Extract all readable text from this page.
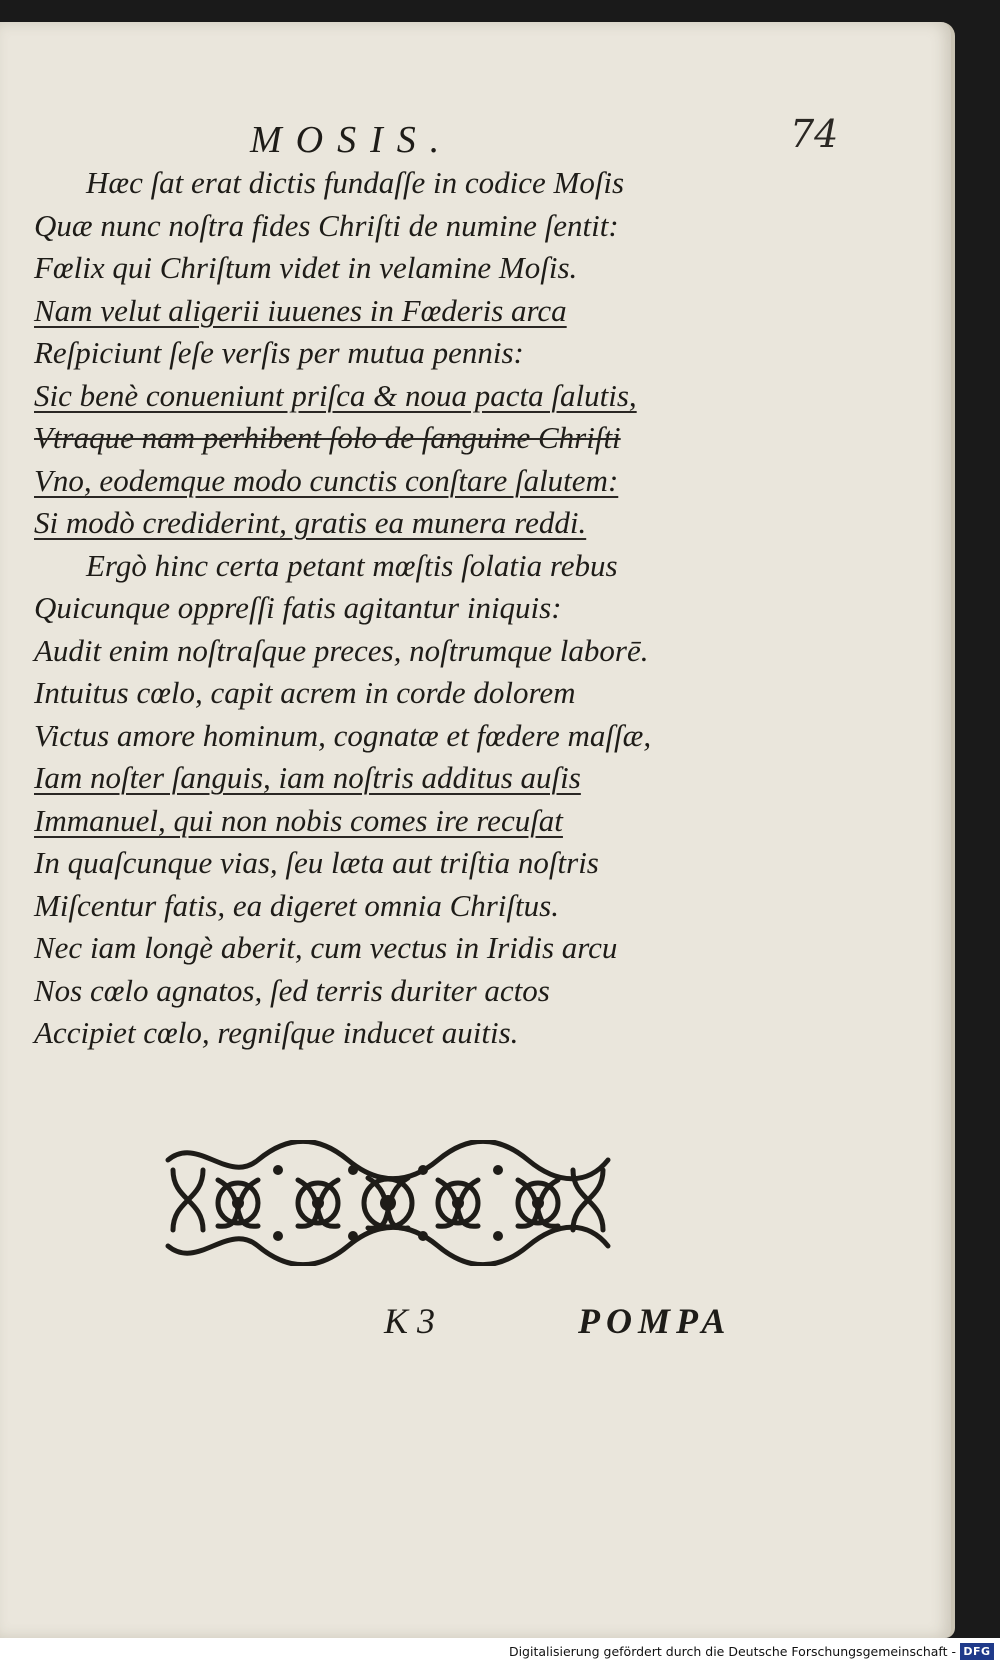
MOSIS.	74
Hæc ſat erat dictis fundaſſe in codice Moſis
Quæ nunc noſtra fides Chriſti de numine ſentit:
Fœlix qui Chriſtum videt in velamine Moſis.
Nam velut aligerii iuuenes in Fœderis arca
Reſpiciunt ſeſe verſis per mutua pennis:
Sic benè conueniunt priſca & noua pacta ſalutis,
Vtraque nam perhibent ſolo de ſanguine Chriſti
Vno, eodemque modo cunctis conſtare ſalutem:
Si modò crediderint, gratis ea munera reddi.
Ergò hinc certa petant mœſtis ſolatia rebus
Quicunque oppreſſi fatis agitantur iniquis:
Audit enim noſtraſque preces, noſtrumque laborē.
Intuitus cœlo, capit acrem in corde dolorem
Victus amore hominum, cognatæ et fœdere maſſæ,
Iam noſter ſanguis, iam noſtris additus auſis
Immanuel, qui non nobis comes ire recuſat
In quaſcunque vias, ſeu læta aut triſtia noſtris
Miſcentur fatis, ea digeret omnia Chriſtus.
Nec iam longè aberit, cum vectus in Iridis arcu
Nos cœlo agnatos, ſed terris duriter actos
Accipiet cœlo, regniſque inducet auitis.
K 3	POMPA
Digitalisierung gefördert durch die Deutsche Forschungsgemeinschaft - DFG
